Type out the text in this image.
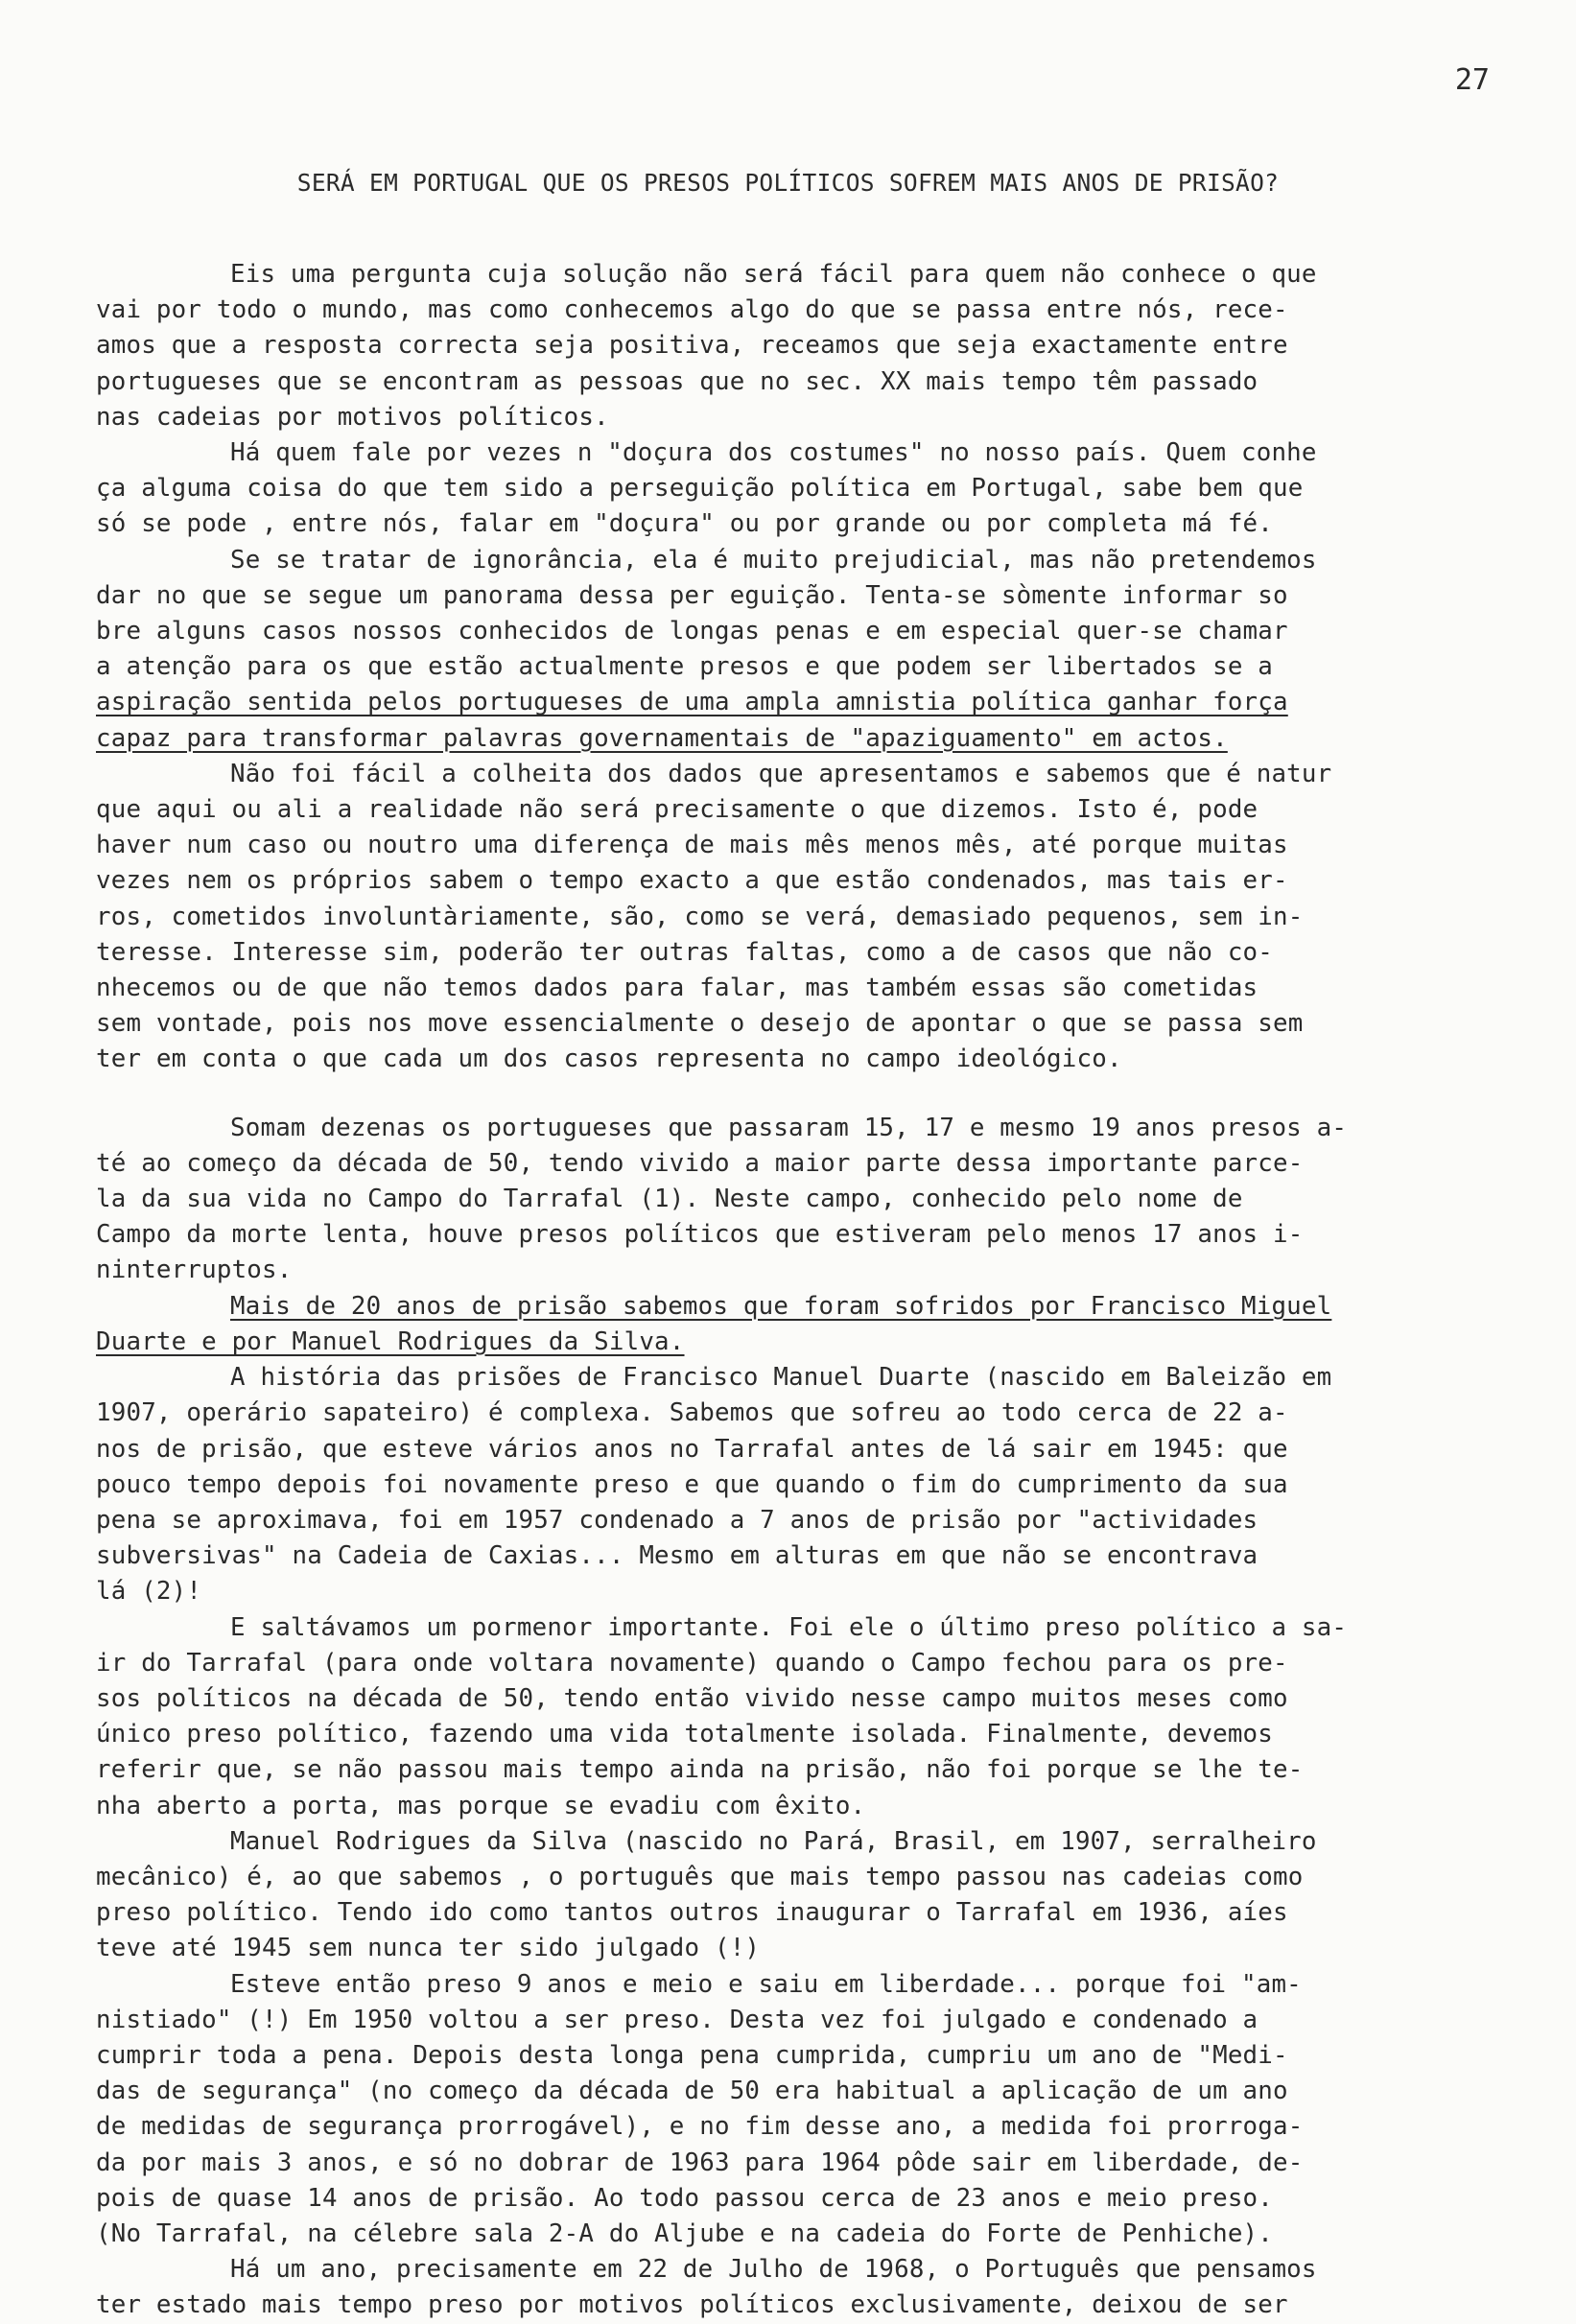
27
SERÁ EM PORTUGAL QUE OS PRESOS POLÍTICOS SOFREM MAIS ANOS DE PRISÃO?
Eis uma pergunta cuja solução não será fácil para quem não conhece o que
vai por todo o mundo, mas como conhecemos algo do que se passa entre nós, rece-
amos que a resposta correcta seja positiva, receamos que seja exactamente entre
portugueses que se encontram as pessoas que no sec. XX mais tempo têm passado
nas cadeias por motivos políticos.
Há quem fale por vezes n "doçura dos costumes" no nosso país. Quem conhe
ça alguma coisa do que tem sido a perseguição política em Portugal, sabe bem que
só se pode , entre nós, falar em "doçura" ou por grande ou por completa má fé.
Se se tratar de ignorância, ela é muito prejudicial, mas não pretendemos
dar no que se segue um panorama dessa per eguição. Tenta-se sòmente informar so
bre alguns casos nossos conhecidos de longas penas e em especial quer-se chamar
a atenção para os que estão actualmente presos e que podem ser libertados se a
aspiração sentida pelos portugueses de uma ampla amnistia política ganhar força
capaz para transformar palavras governamentais de "apaziguamento" em actos.
Não foi fácil a colheita dos dados que apresentamos e sabemos que é natur
que aqui ou ali a realidade não será precisamente o que dizemos. Isto é, pode
haver num caso ou noutro uma diferença de mais mês menos mês, até porque muitas
vezes nem os próprios sabem o tempo exacto a que estão condenados, mas tais er-
ros, cometidos involuntàriamente, são, como se verá, demasiado pequenos, sem in-
teresse. Interesse sim, poderão ter outras faltas, como a de casos que não co-
nhecemos ou de que não temos dados para falar, mas também essas são cometidas
sem vontade, pois nos move essencialmente o desejo de apontar o que se passa sem
ter em conta o que cada um dos casos representa no campo ideológico.
Somam dezenas os portugueses que passaram 15, 17 e mesmo 19 anos presos a-
té ao começo da década de 50, tendo vivido a maior parte dessa importante parce-
la da sua vida no Campo do Tarrafal (1). Neste campo, conhecido pelo nome de
Campo da morte lenta, houve presos políticos que estiveram pelo menos 17 anos i-
ninterruptos.
Mais de 20 anos de prisão sabemos que foram sofridos por Francisco Miguel
Duarte e por Manuel Rodrigues da Silva.
A história das prisões de Francisco Manuel Duarte (nascido em Baleizão em
1907, operário sapateiro) é complexa. Sabemos que sofreu ao todo cerca de 22 a-
nos de prisão, que esteve vários anos no Tarrafal antes de lá sair em 1945: que
pouco tempo depois foi novamente preso e que quando o fim do cumprimento da sua
pena se aproximava, foi em 1957 condenado a 7 anos de prisão por "actividades
subversivas" na Cadeia de Caxias... Mesmo em alturas em que não se encontrava
lá (2)!
E saltávamos um pormenor importante. Foi ele o último preso político a sa-
ir do Tarrafal (para onde voltara novamente) quando o Campo fechou para os pre-
sos políticos na década de 50, tendo então vivido nesse campo muitos meses como
único preso político, fazendo uma vida totalmente isolada. Finalmente, devemos
referir que, se não passou mais tempo ainda na prisão, não foi porque se lhe te-
nha aberto a porta, mas porque se evadiu com êxito.
Manuel Rodrigues da Silva (nascido no Pará, Brasil, em 1907, serralheiro
mecânico) é, ao que sabemos , o português que mais tempo passou nas cadeias como
preso político. Tendo ido como tantos outros inaugurar o Tarrafal em 1936, aíes
teve até 1945 sem nunca ter sido julgado (!)
Esteve então preso 9 anos e meio e saiu em liberdade... porque foi "am-
nistiado" (!) Em 1950 voltou a ser preso. Desta vez foi julgado e condenado a
cumprir toda a pena. Depois desta longa pena cumprida, cumpriu um ano de "Medi-
das de segurança" (no começo da década de 50 era habitual a aplicação de um ano
de medidas de segurança prorrogável), e no fim desse ano, a medida foi prorroga-
da por mais 3 anos, e só no dobrar de 1963 para 1964 pôde sair em liberdade, de-
pois de quase 14 anos de prisão. Ao todo passou cerca de 23 anos e meio preso.
(No Tarrafal, na célebre sala 2-A do Aljube e na cadeia do Forte de Penhiche).
Há um ano, precisamente em 22 de Julho de 1968, o Português que pensamos
ter estado mais tempo preso por motivos políticos exclusivamente, deixou de ser
